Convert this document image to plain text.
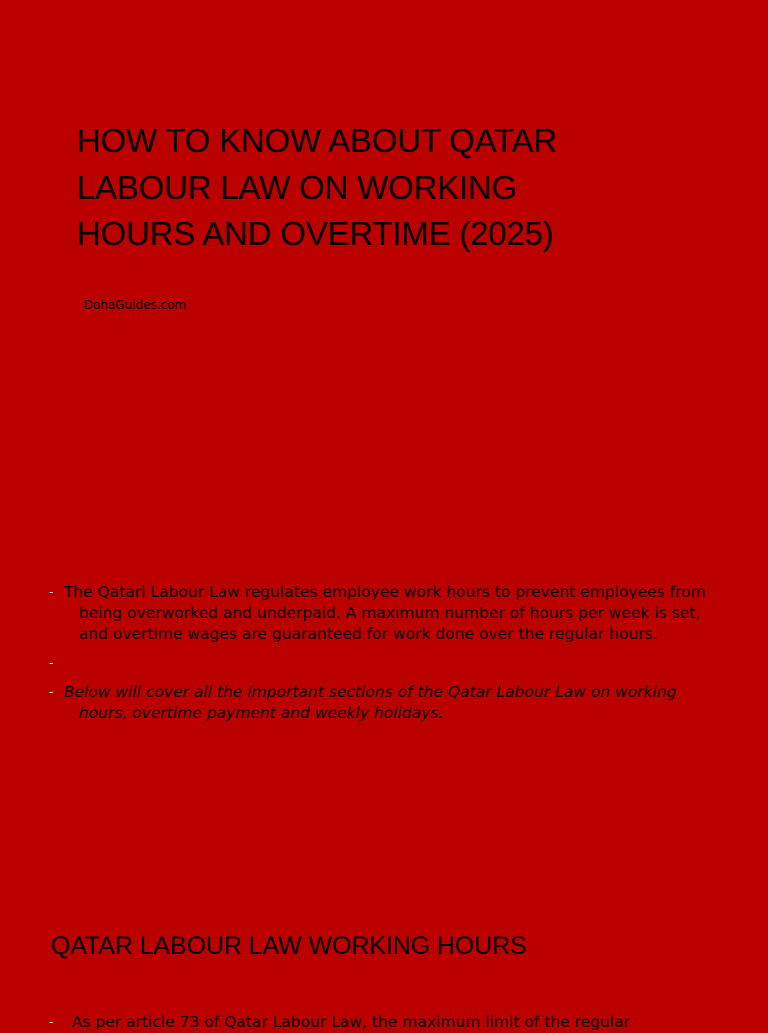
HOW TO KNOW ABOUT QATAR LABOUR LAW ON WORKING HOURS AND OVERTIME (2025)
DohaGuides.com
- The Qatari Labour Law regulates employee work hours to prevent employees from being overworked and underpaid. A maximum number of hours per week is set, and overtime wages are guaranteed for work done over the regular hours.
-
- Below will cover all the important sections of the Qatar Labour Law on working hours, overtime payment and weekly holidays.
QATAR LABOUR LAW WORKING HOURS
- As per article 73 of Qatar Labour Law, the maximum limit of the regular
